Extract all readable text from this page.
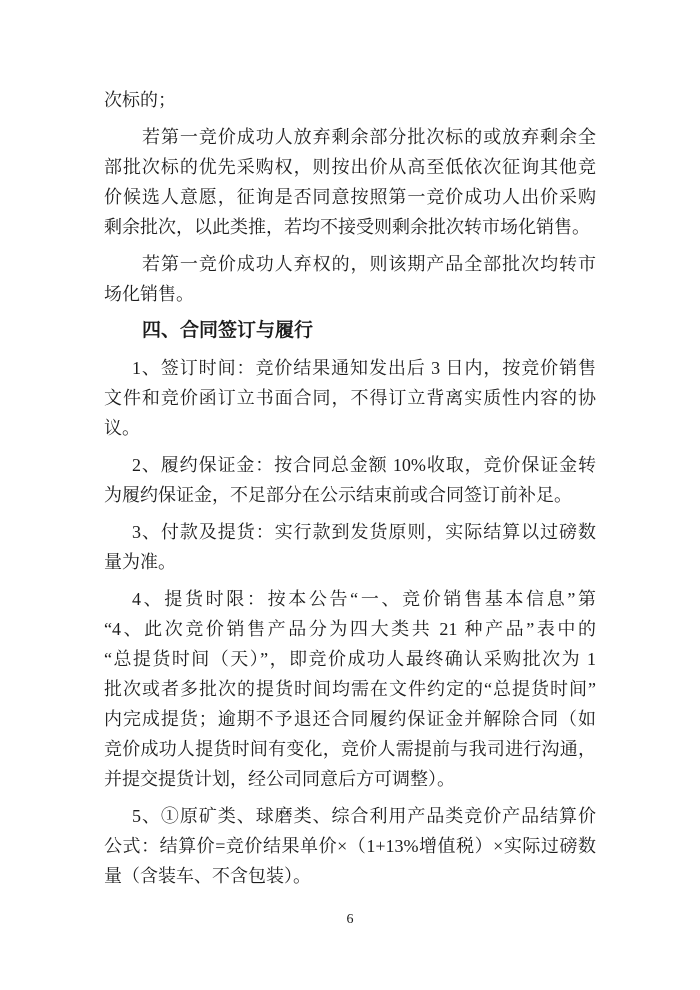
次标的；

若第一竞价成功人放弃剩余部分批次标的或放弃剩余全
部批次标的优先采购权，则按出价从高至低依次征询其他竞
价候选人意愿，征询是否同意按照第一竞价成功人出价采购
剩余批次，以此类推，若均不接受则剩余批次转市场化销售。

若第一竞价成功人弃权的，则该期产品全部批次均转市
场化销售。

四、合同签订与履行

1、签订时间：竞价结果通知发出后 3 日内，按竞价销售
文件和竞价函订立书面合同，不得订立背离实质性内容的协
议。

2、履约保证金：按合同总金额 10%收取，竞价保证金转
为履约保证金，不足部分在公示结束前或合同签订前补足。

3、付款及提货：实行款到发货原则，实际结算以过磅数
量为准。

4、提货时限：按本公告“一、竞价销售基本信息”第
“4、此次竞价销售产品分为四大类共 21 种产品”表中的
“总提货时间（天）”，即竞价成功人最终确认采购批次为 1
批次或者多批次的提货时间均需在文件约定的“总提货时间”
内完成提货；逾期不予退还合同履约保证金并解除合同（如
竞价成功人提货时间有变化，竞价人需提前与我司进行沟通，
并提交提货计划，经公司同意后方可调整）。

5、①原矿类、球磨类、综合利用产品类竞价产品结算价
公式：结算价=竞价结果单价×（1+13%增值税）×实际过磅数
量（含装车、不含包装）。

6
